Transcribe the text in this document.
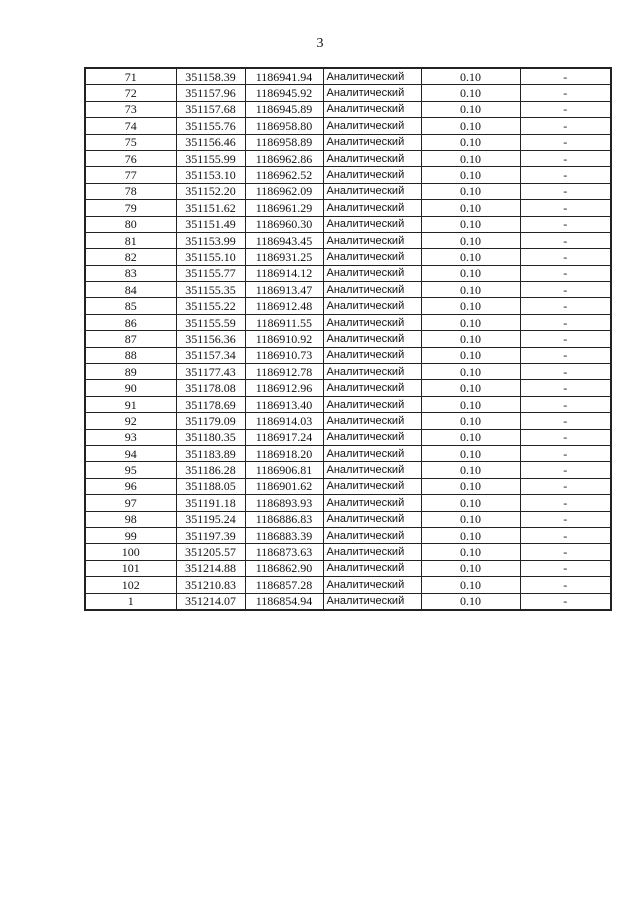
3
71	351158.39	1186941.94	Аналитический	0.10	-
72	351157.96	1186945.92	Аналитический	0.10	-
73	351157.68	1186945.89	Аналитический	0.10	-
74	351155.76	1186958.80	Аналитический	0.10	-
75	351156.46	1186958.89	Аналитический	0.10	-
76	351155.99	1186962.86	Аналитический	0.10	-
77	351153.10	1186962.52	Аналитический	0.10	-
78	351152.20	1186962.09	Аналитический	0.10	-
79	351151.62	1186961.29	Аналитический	0.10	-
80	351151.49	1186960.30	Аналитический	0.10	-
81	351153.99	1186943.45	Аналитический	0.10	-
82	351155.10	1186931.25	Аналитический	0.10	-
83	351155.77	1186914.12	Аналитический	0.10	-
84	351155.35	1186913.47	Аналитический	0.10	-
85	351155.22	1186912.48	Аналитический	0.10	-
86	351155.59	1186911.55	Аналитический	0.10	-
87	351156.36	1186910.92	Аналитический	0.10	-
88	351157.34	1186910.73	Аналитический	0.10	-
89	351177.43	1186912.78	Аналитический	0.10	-
90	351178.08	1186912.96	Аналитический	0.10	-
91	351178.69	1186913.40	Аналитический	0.10	-
92	351179.09	1186914.03	Аналитический	0.10	-
93	351180.35	1186917.24	Аналитический	0.10	-
94	351183.89	1186918.20	Аналитический	0.10	-
95	351186.28	1186906.81	Аналитический	0.10	-
96	351188.05	1186901.62	Аналитический	0.10	-
97	351191.18	1186893.93	Аналитический	0.10	-
98	351195.24	1186886.83	Аналитический	0.10	-
99	351197.39	1186883.39	Аналитический	0.10	-
100	351205.57	1186873.63	Аналитический	0.10	-
101	351214.88	1186862.90	Аналитический	0.10	-
102	351210.83	1186857.28	Аналитический	0.10	-
1	351214.07	1186854.94	Аналитический	0.10	-
